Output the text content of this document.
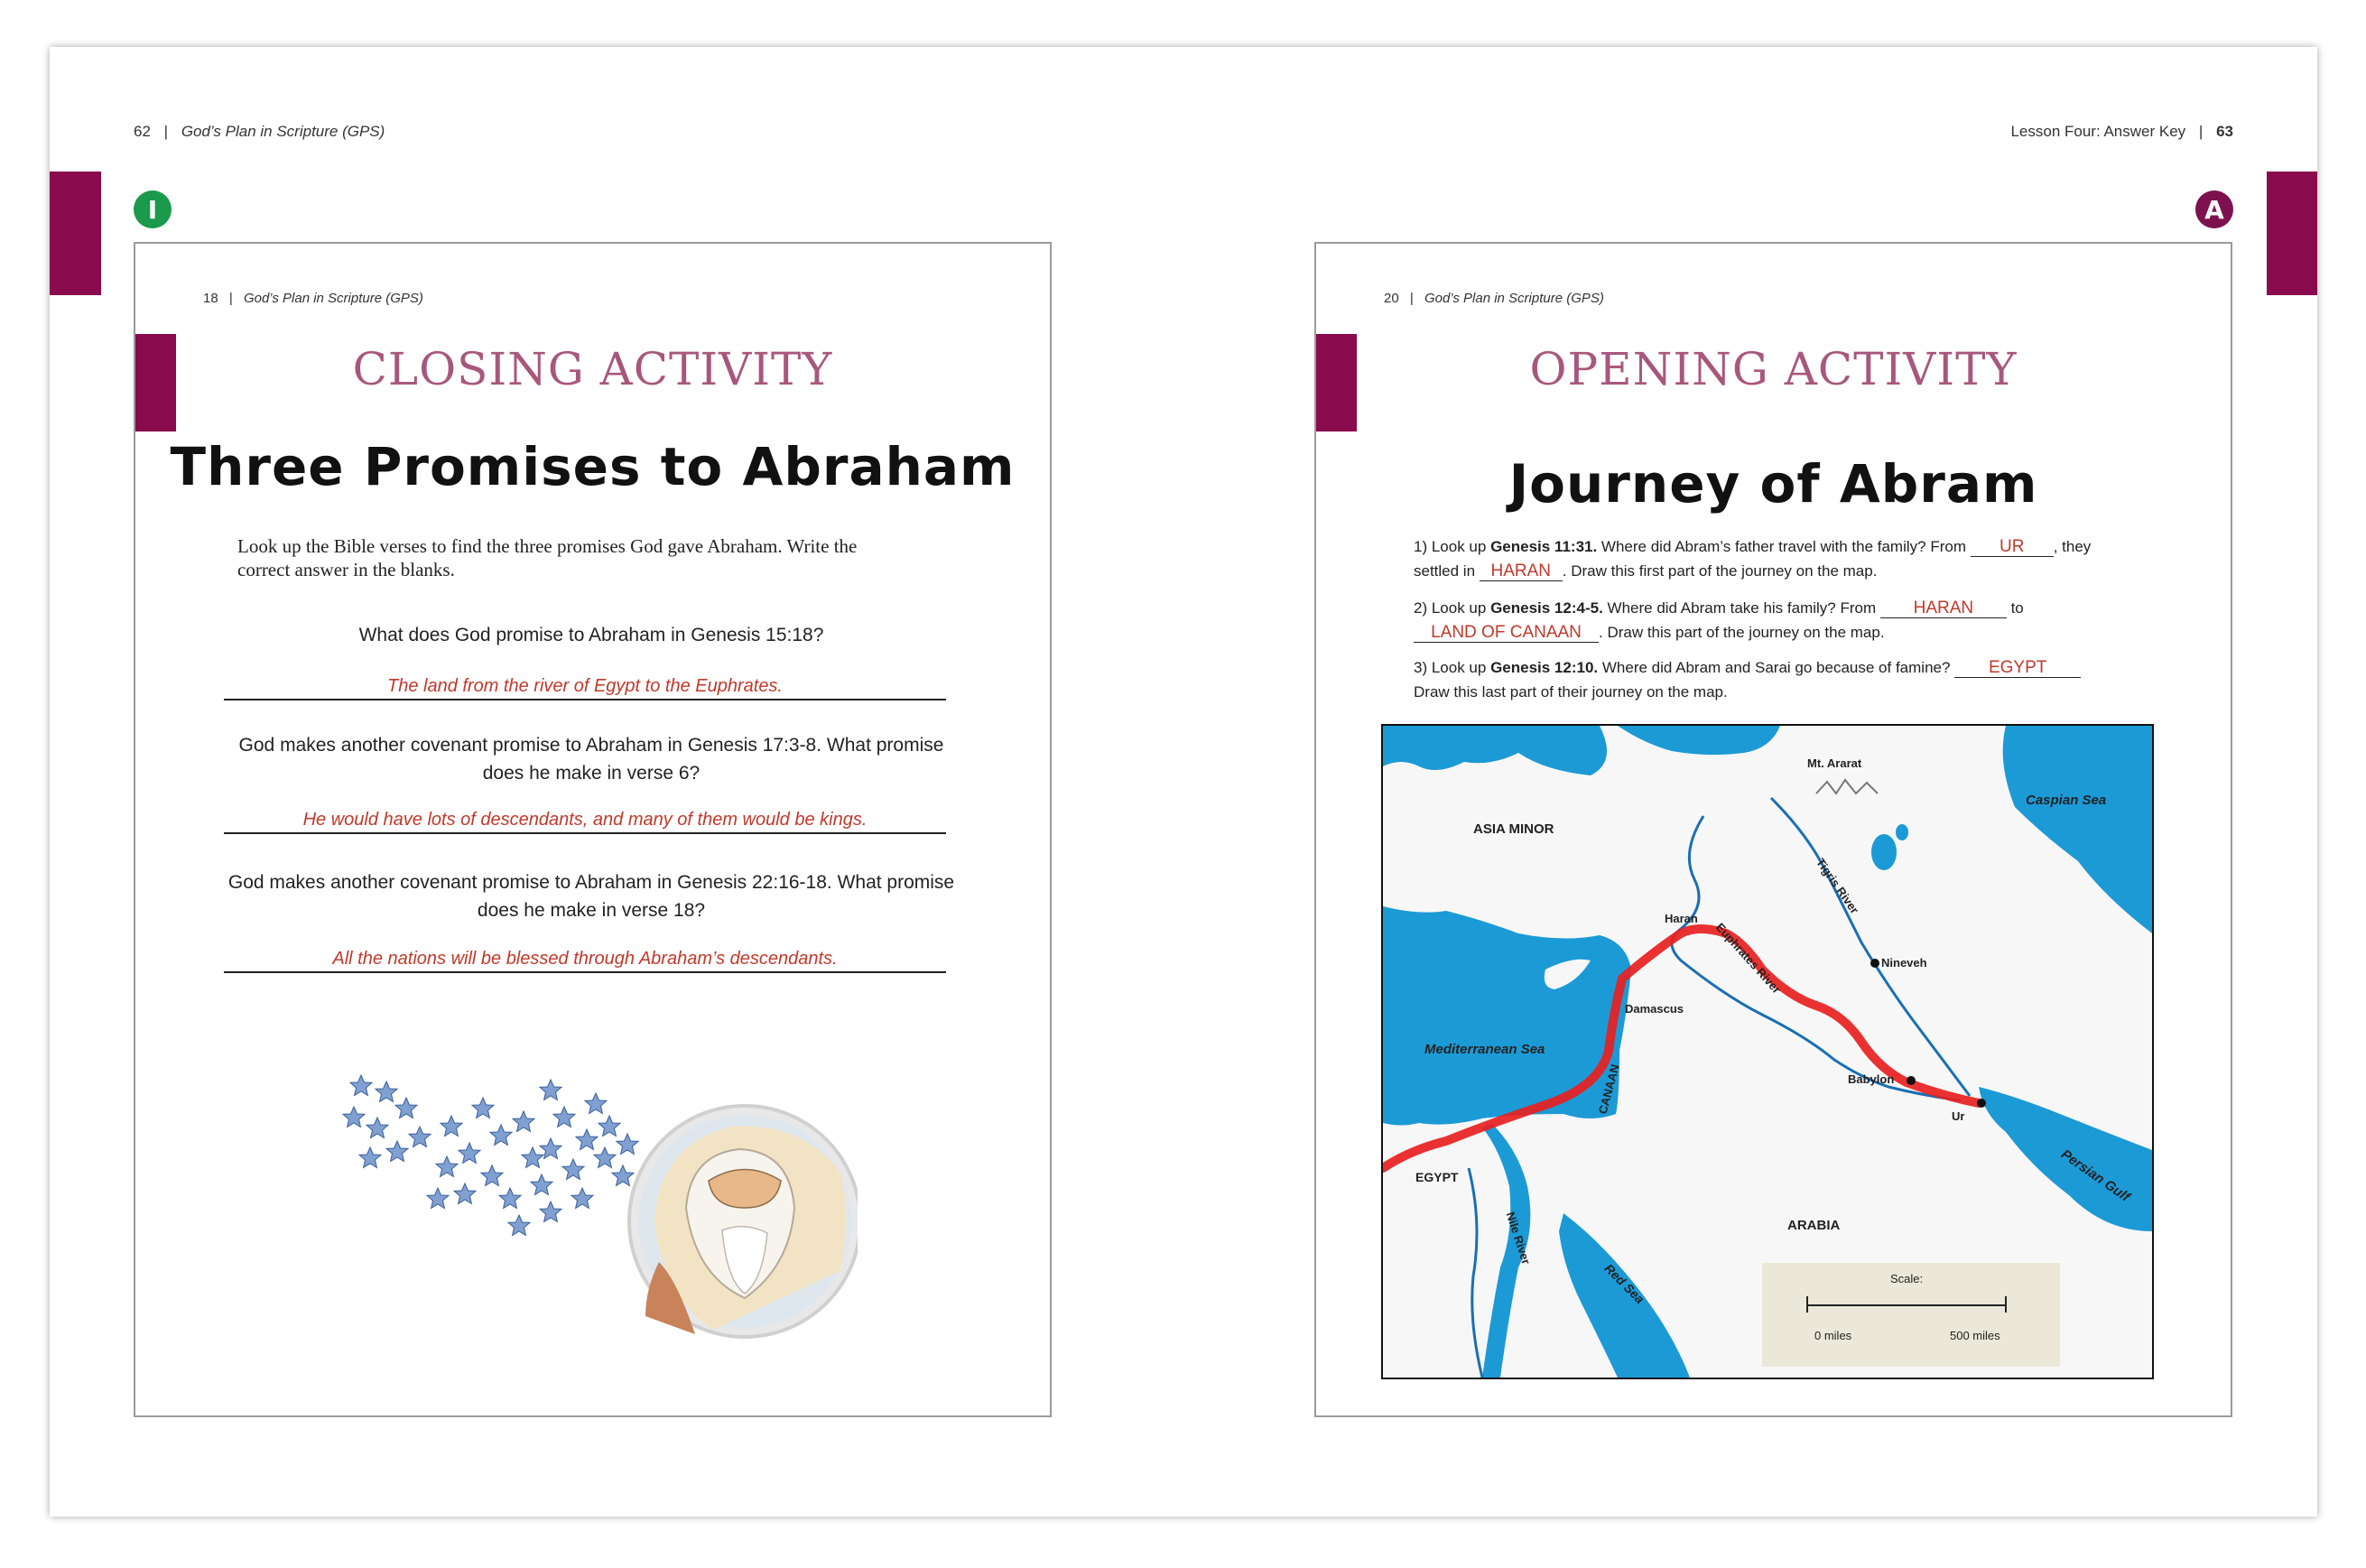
62 | God’s Plan in Scripture (GPS)	Lesson Four: Answer Key | 63
I	A
18 | God’s Plan in Scripture (GPS)
CLOSING ACTIVITY
Three Promises to Abraham
Look up the Bible verses to find the three promises God gave Abraham. Write the correct answer in the blanks.
What does God promise to Abraham in Genesis 15:18?
The land from the river of Egypt to the Euphrates.
God makes another covenant promise to Abraham in Genesis 17:3-8. What promise does he make in verse 6?
He would have lots of descendants, and many of them would be kings.
God makes another covenant promise to Abraham in Genesis 22:16-18. What promise does he make in verse 18?
All the nations will be blessed through Abraham’s descendants.
20 | God’s Plan in Scripture (GPS)
OPENING ACTIVITY
Journey of Abram
1) Look up Genesis 11:31. Where did Abram’s father travel with the family? From UR , they
settled in HARAN . Draw this first part of the journey on the map.
2) Look up Genesis 12:4-5. Where did Abram take his family? From HARAN to
LAND OF CANAAN . Draw this part of the journey on the map.
3) Look up Genesis 12:10. Where did Abram and Sarai go because of famine? EGYPT
Draw this last part of their journey on the map.
Mt. Ararat
Caspian Sea
ASIA MINOR
Tigris River
Haran
Euphrates River	Nineveh
Damascus
Mediterranean Sea
Babylon
Ur
CANAAN
Persian Gulf
EGYPT
ARABIA
Nile River
Red Sea	Scale:
0 miles	500 miles
